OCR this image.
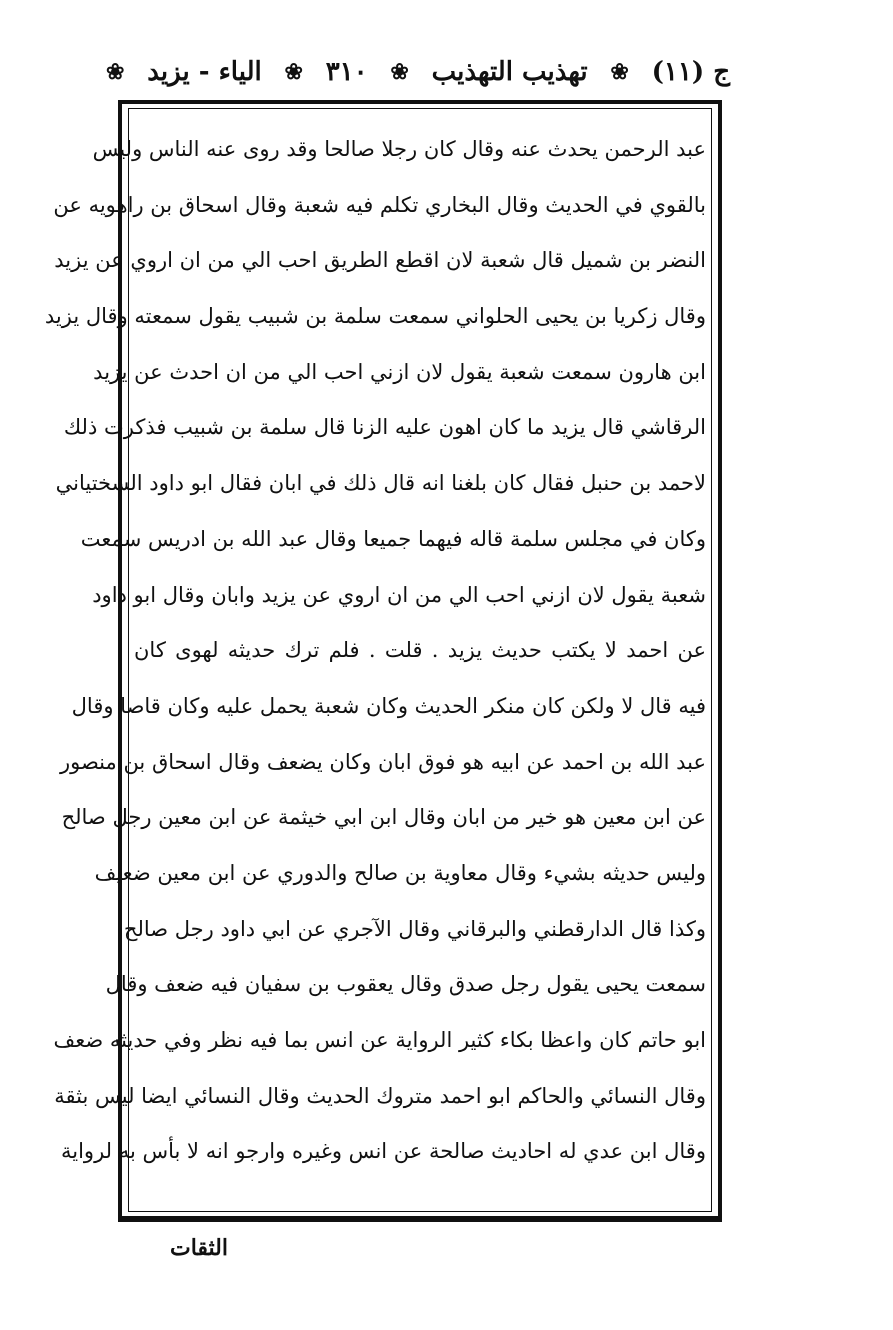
ج (١١)
❀
تهذيب التهذيب
❀
٣١٠
❀
الياء - يزيد
❀
عبد الرحمن يحدث عنه وقال كان رجلا صالحا وقد روى عنه الناس وليس
بالقوي في الحديث وقال البخاري تكلم فيه شعبة وقال اسحاق بن راهويه عن
النضر بن شميل قال شعبة لان اقطع الطريق احب الي من ان اروي عن يزيد
وقال زكريا بن يحيى الحلواني سمعت سلمة بن شبيب يقول سمعته وقال يزيد
ابن هارون سمعت شعبة يقول لان ازني احب الي من ان احدث عن يزيد
الرقاشي قال يزيد ما كان اهون عليه الزنا قال سلمة بن شبيب فذكرت ذلك
لاحمد بن حنبل فقال كان بلغنا انه قال ذلك في ابان فقال ابو داود السختياني
وكان في مجلس سلمة قاله فيهما جميعا وقال عبد الله بن ادريس سمعت
شعبة يقول لان ازني احب الي من ان اروي عن يزيد وابان وقال ابو داود
عن احمد لا يكتب حديث يزيد . قلت . فلم ترك حديثه لهوى كان
فيه قال لا ولكن كان منكر الحديث وكان شعبة يحمل عليه وكان قاصا وقال
عبد الله بن احمد عن ابيه هو فوق ابان وكان يضعف وقال اسحاق بن منصور
عن ابن معين هو خير من ابان وقال ابن ابي خيثمة عن ابن معين رجل صالح
وليس حديثه بشيء وقال معاوية بن صالح والدوري عن ابن معين ضعيف
وكذا قال الدارقطني والبرقاني وقال الآجري عن ابي داود رجل صالح
سمعت يحيى يقول رجل صدق وقال يعقوب بن سفيان فيه ضعف وقال
ابو حاتم كان واعظا بكاء كثير الرواية عن انس بما فيه نظر وفي حديثه ضعف
وقال النسائي والحاكم ابو احمد متروك الحديث وقال النسائي ايضا ليس بثقة
وقال ابن عدي له احاديث صالحة عن انس وغيره وارجو انه لا بأس به لرواية
الثقات
